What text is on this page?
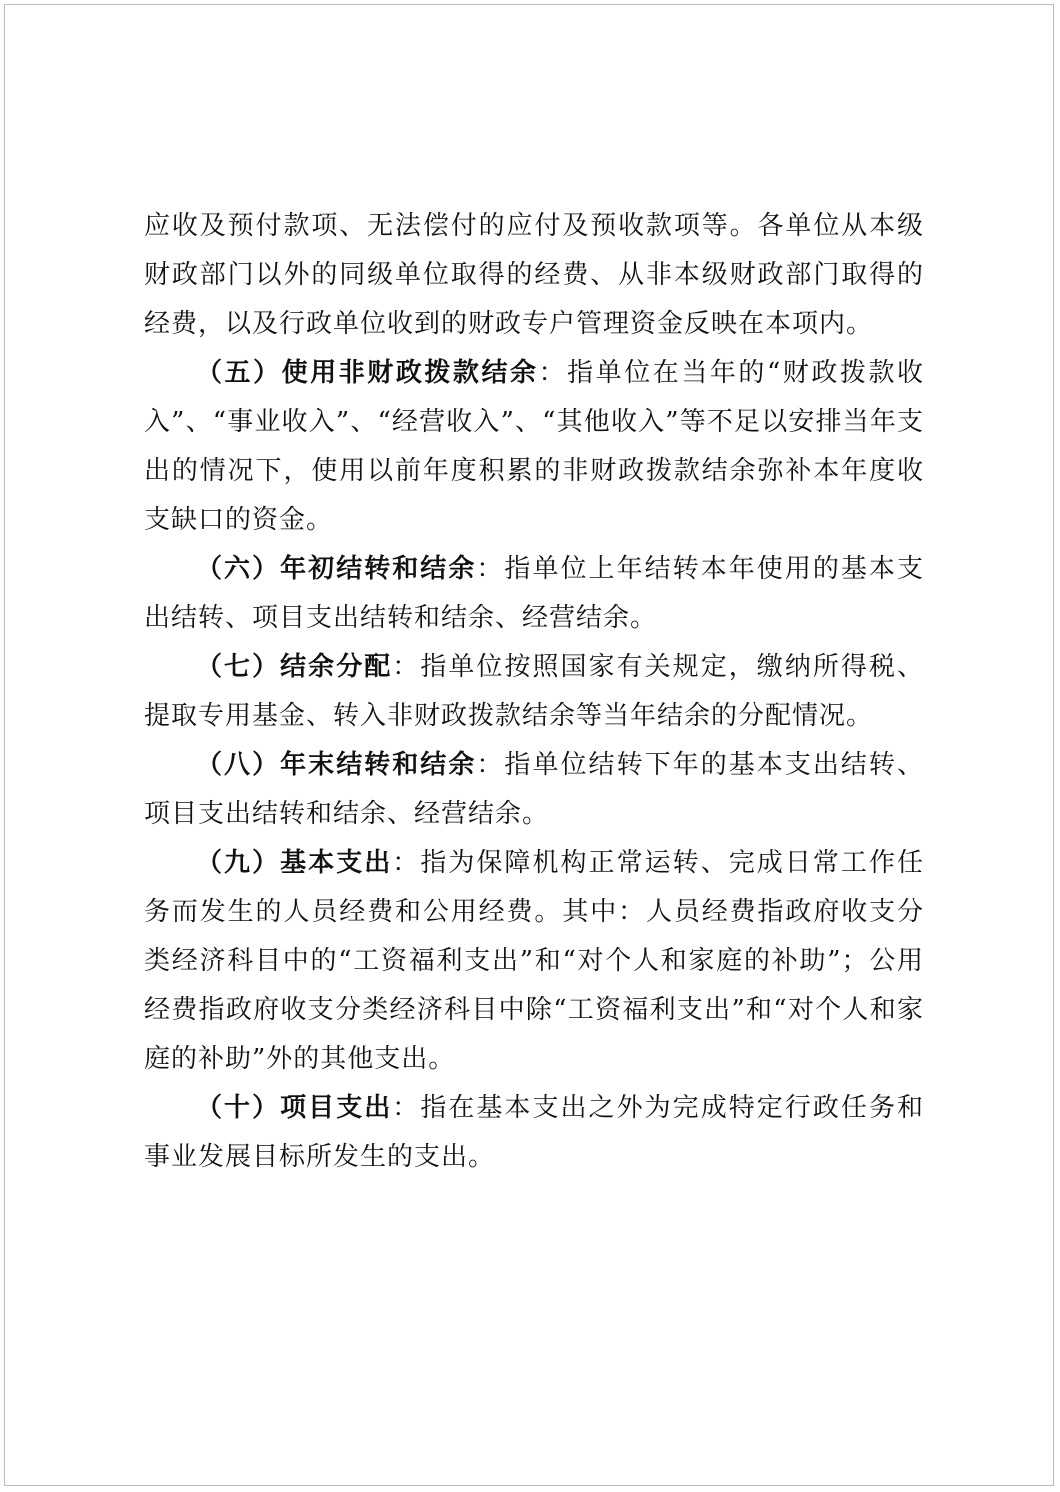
应收及预付款项、无法偿付的应付及预收款项等。各单位从本级财政部门以外的同级单位取得的经费、从非本级财政部门取得的经费，以及行政单位收到的财政专户管理资金反映在本项内。

（五）使用非财政拨款结余：指单位在当年的“财政拨款收入”、“事业收入”、“经营收入”、“其他收入”等不足以安排当年支出的情况下，使用以前年度积累的非财政拨款结余弥补本年度收支缺口的资金。

（六）年初结转和结余：指单位上年结转本年使用的基本支出结转、项目支出结转和结余、经营结余。

（七）结余分配：指单位按照国家有关规定，缴纳所得税、提取专用基金、转入非财政拨款结余等当年结余的分配情况。

（八）年末结转和结余：指单位结转下年的基本支出结转、项目支出结转和结余、经营结余。

（九）基本支出：指为保障机构正常运转、完成日常工作任务而发生的人员经费和公用经费。其中：人员经费指政府收支分类经济科目中的“工资福利支出”和“对个人和家庭的补助”；公用经费指政府收支分类经济科目中除“工资福利支出”和“对个人和家庭的补助”外的其他支出。

（十）项目支出：指在基本支出之外为完成特定行政任务和事业发展目标所发生的支出。
